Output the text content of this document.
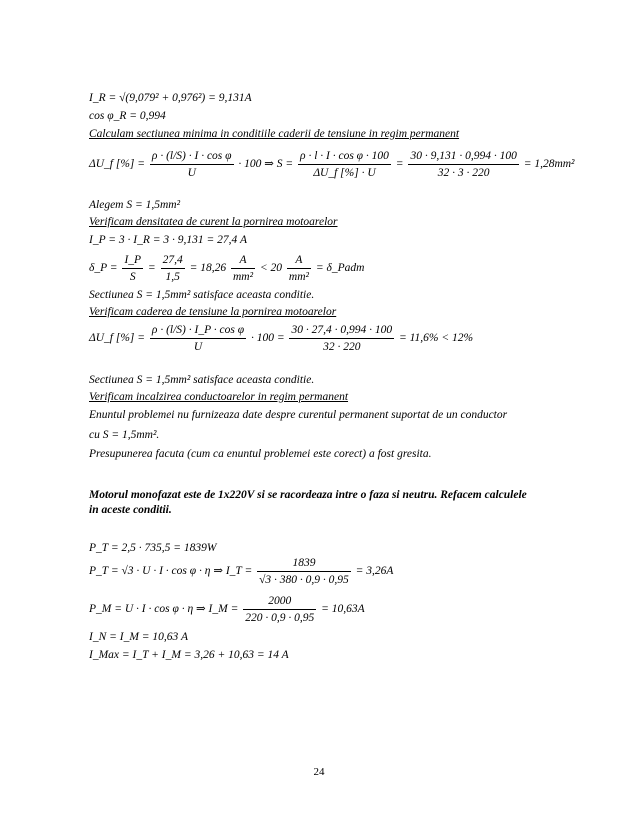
I_R = √(9,079² + 0,976²) = 9,131A
cos φ_R = 0,994
Calculam sectiunea minima in conditiile caderii de tensiune in regim permanent
ΔU_f [%] = $\frac{\text{ρ · (l/S) · I · cos φ}}{U} \cdot 100$ ⇒ $S = \frac{\text{ρ · l · I · cos φ · 100}}{\Delta U\_f [\%] \cdot U} = \frac{30 \cdot 9,131 \cdot 0,994 \cdot 100}{32 \cdot 3 \cdot 220} = 1,28mm^2$
Alegem S = 1,5mm²
Verificam densitatea de curent la pornirea motoarelor
I_P = 3 · I_R = 3 · 9,131 = 27,4 A
δ_P = $\frac{I\_P}{S} = \frac{27,4}{1,5} = 18,26 \frac{A}{\text{mm²}} < 20 \frac{A}{\text{mm²}}$ = δ_Padm
Sectiunea S = 1,5mm² satisface aceasta conditie.
Verificam caderea de tensiune la pornirea motoarelor
ΔU_f [%] = $\frac{\text{ρ · (l/S) · I\_P · cos φ}}{U} \cdot 100 = \frac{30 \cdot 27,4 \cdot 0,994 \cdot 100}{32 \cdot 220} = 11,6\% < 12\%$
Sectiunea S = 1,5mm² satisface aceasta conditie.
Verificam incalzirea conductoarelor in regim permanent
Enuntul problemei nu furnizeaza date despre curentul permanent suportat de un conductor
cu S = 1,5mm².
Presupunerea facuta (cum ca enuntul problemei este corect) a fost gresita.
Motorul monofazat este de 1x220V si se racordeaza intre o faza si neutru. Refacem calculele
in aceste conditii.
P_T = 2,5 · 735,5 = 1839W
P_T = √3 · U · I · cos φ · η ⇒ I_T = $\frac{1839}{√3 \cdot 380 \cdot 0,9 \cdot 0,95} = 3,26A$
P_M = U · I · cos φ · η ⇒ I_M = $\frac{2000}{220 \cdot 0,9 \cdot 0,95} = 10,63A$
I_N = I_M = 10,63 A
I_Max = I_T + I_M = 3,26 + 10,63 = 14 A
24
